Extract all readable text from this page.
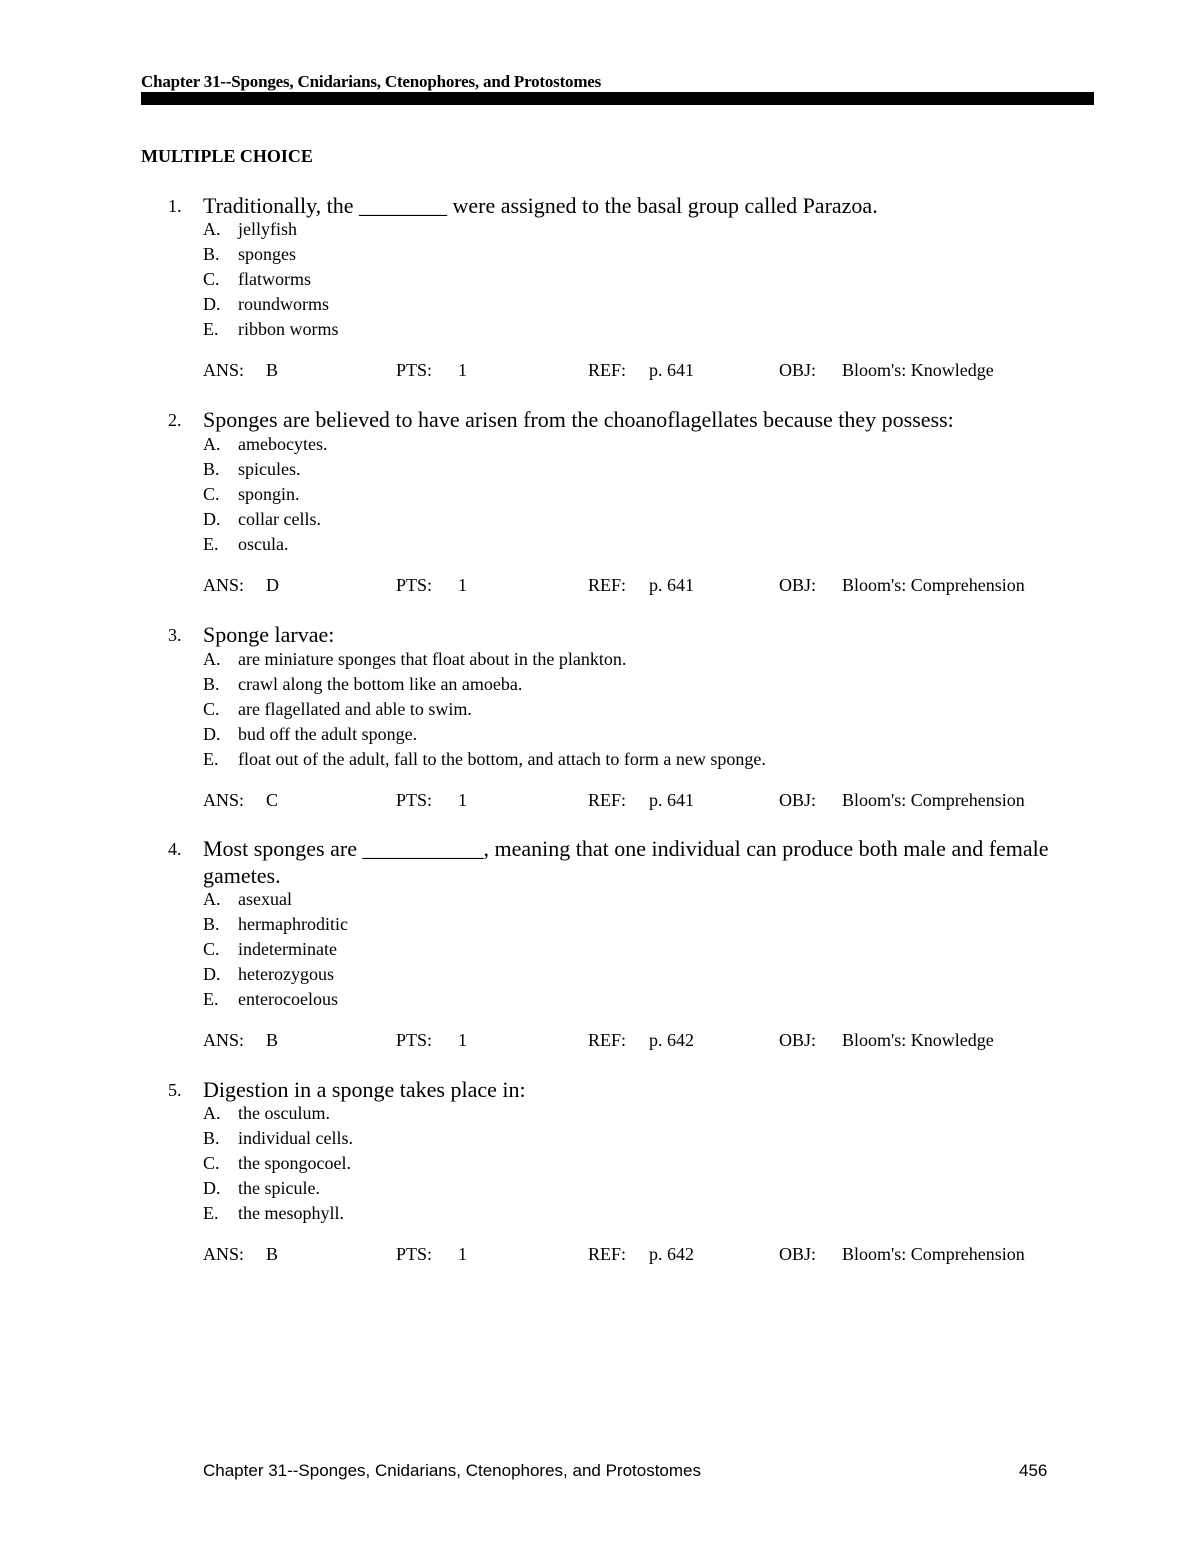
Chapter 31--Sponges, Cnidarians, Ctenophores, and Protostomes
MULTIPLE CHOICE
1. Traditionally, the ________ were assigned to the basal group called Parazoa.
A. jellyfish
B. sponges
C. flatworms
D. roundworms
E. ribbon worms
ANS: B	PTS: 1	REF: p. 641	OBJ: Bloom's: Knowledge
2. Sponges are believed to have arisen from the choanoflagellates because they possess:
A. amebocytes.
B. spicules.
C. spongin.
D. collar cells.
E. oscula.
ANS: D	PTS: 1	REF: p. 641	OBJ: Bloom's: Comprehension
3. Sponge larvae:
A. are miniature sponges that float about in the plankton.
B. crawl along the bottom like an amoeba.
C. are flagellated and able to swim.
D. bud off the adult sponge.
E. float out of the adult, fall to the bottom, and attach to form a new sponge.
ANS: C	PTS: 1	REF: p. 641	OBJ: Bloom's: Comprehension
4. Most sponges are ___________, meaning that one individual can produce both male and female gametes.
A. asexual
B. hermaphroditic
C. indeterminate
D. heterozygous
E. enterocoelous
ANS: B	PTS: 1	REF: p. 642	OBJ: Bloom's: Knowledge
5. Digestion in a sponge takes place in:
A. the osculum.
B. individual cells.
C. the spongocoel.
D. the spicule.
E. the mesophyll.
ANS: B	PTS: 1	REF: p. 642	OBJ: Bloom's: Comprehension
Chapter 31--Sponges, Cnidarians, Ctenophores, and Protostomes	456
